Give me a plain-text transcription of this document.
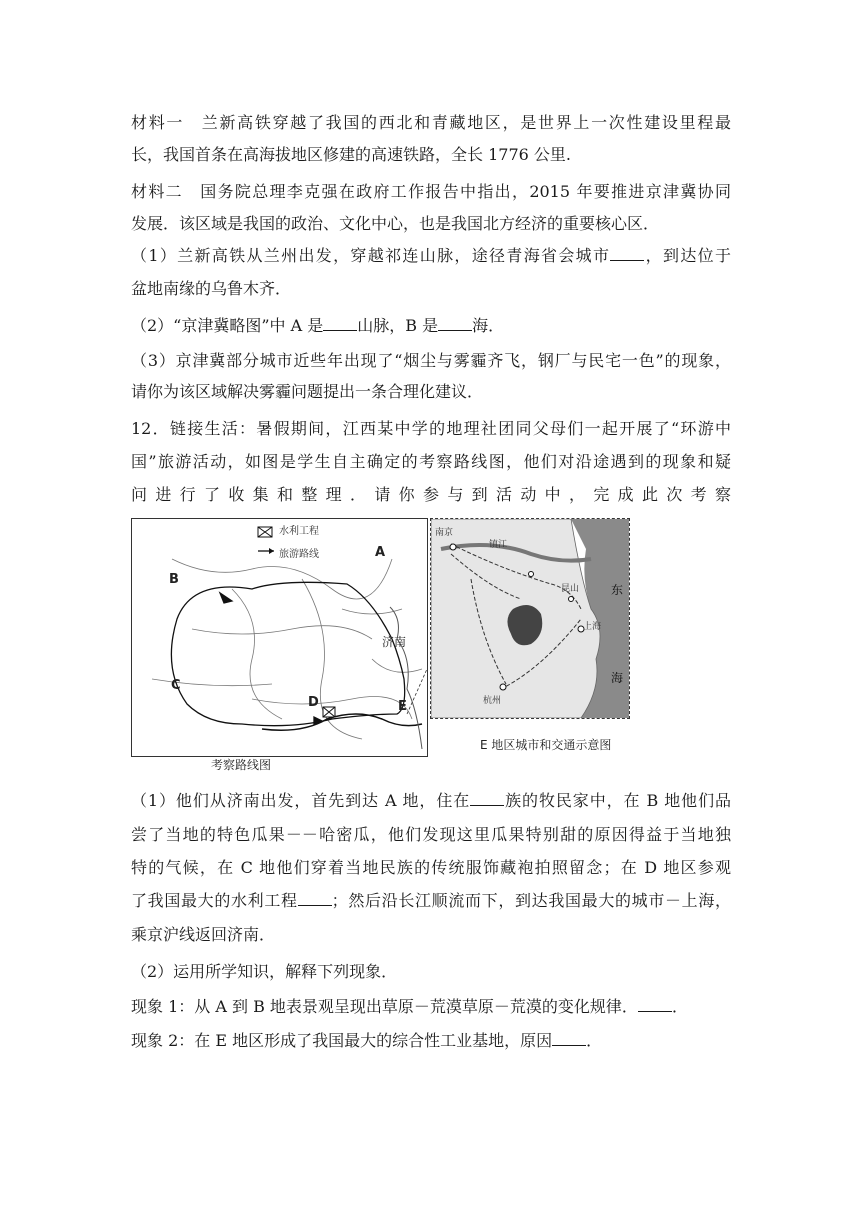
材料一　兰新高铁穿越了我国的西北和青藏地区，是世界上一次性建设里程最
长，我国首条在高海拔地区修建的高速铁路，全长 1776 公里.
材料二　国务院总理李克强在政府工作报告中指出，2015 年要推进京津冀协同
发展．该区域是我国的政治、文化中心，也是我国北方经济的重要核心区．
（1）兰新高铁从兰州出发，穿越祁连山脉，途径青海省会城市 ，到达位于
盆地南缘的乌鲁木齐．
（2）“京津冀略图”中 A 是 山脉，B 是 海．
（3）京津冀部分城市近些年出现了“烟尘与雾霾齐飞，钢厂与民宅一色”的现象，
请你为该区域解决雾霾问题提出一条合理化建议．
12．链接生活：暑假期间，江西某中学的地理社团同父母们一起开展了“环游中
国”旅游活动，如图是学生自主确定的考察路线图，他们对沿途遇到的现象和疑
问 进 行 了 收 集 和 整 理 ． 请 你 参 与 到 活 动 中 ， 完 成 此 次 考 察
水利工程
旅游路线	A
B
C
D	E
济南
考察路线图
南京
镇江
昆山
上海
杭州
东
海
E 地区城市和交通示意图
（1）他们从济南出发，首先到达 A 地，住在 族的牧民家中，在 B 地他们品
尝了当地的特色瓜果－－哈密瓜，他们发现这里瓜果特别甜的原因得益于当地独
特的气候，在 C 地他们穿着当地民族的传统服饰藏袍拍照留念；在 D 地区参观
了我国最大的水利工程 ；然后沿长江顺流而下，到达我国最大的城市－上海，
乘京沪线返回济南．
（2）运用所学知识，解释下列现象．
现象 1：从 A 到 B 地表景观呈现出草原－荒漠草原－荒漠的变化规律． ．
现象 2：在 E 地区形成了我国最大的综合性工业基地，原因 ．
